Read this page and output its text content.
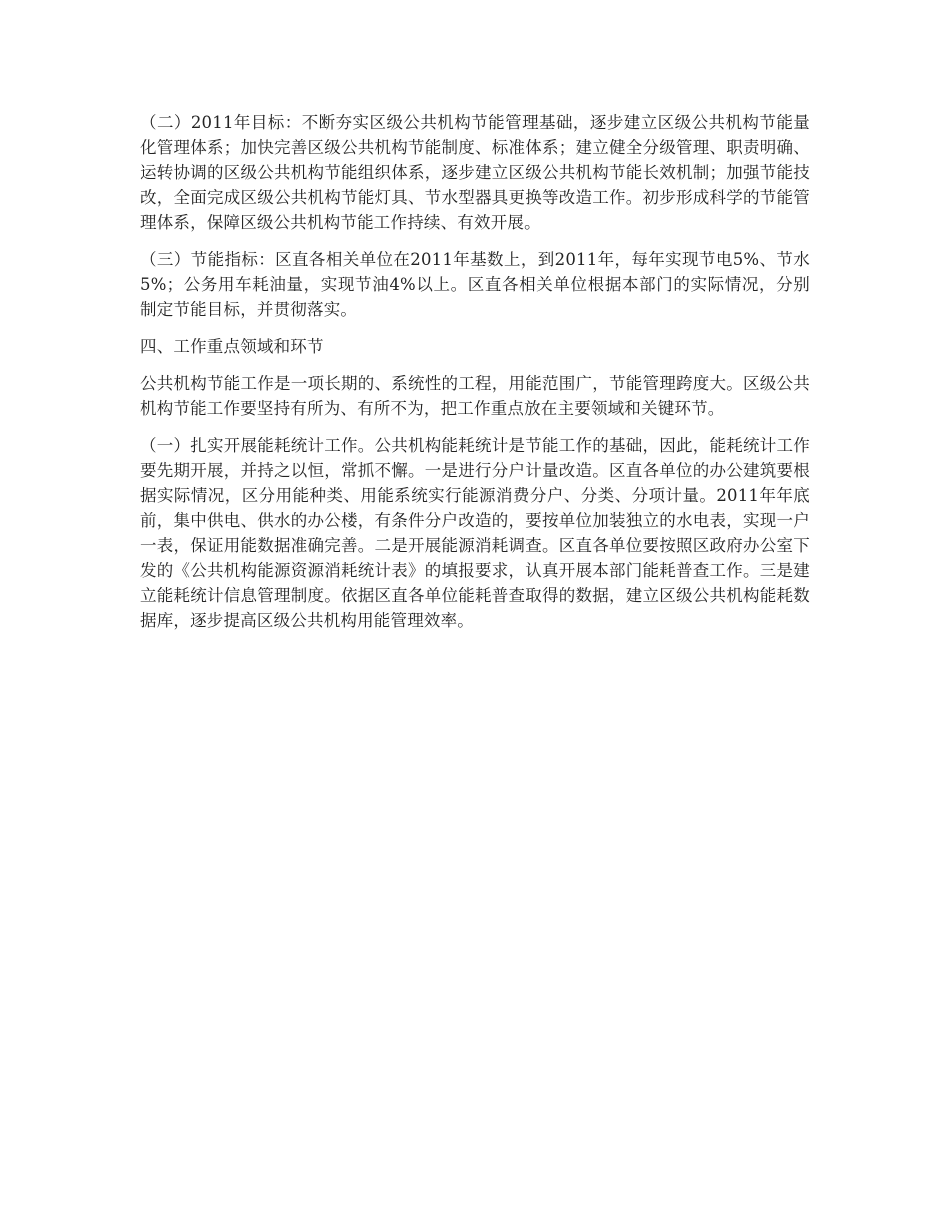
（二）2011年目标：不断夯实区级公共机构节能管理基础，逐步建立区级公共机构节能量化管理体系；加快完善区级公共机构节能制度、标准体系；建立健全分级管理、职责明确、运转协调的区级公共机构节能组织体系，逐步建立区级公共机构节能长效机制；加强节能技改，全面完成区级公共机构节能灯具、节水型器具更换等改造工作。初步形成科学的节能管理体系，保障区级公共机构节能工作持续、有效开展。

（三）节能指标：区直各相关单位在2011年基数上，到2011年，每年实现节电5%、节水5%；公务用车耗油量，实现节油4%以上。区直各相关单位根据本部门的实际情况，分别制定节能目标，并贯彻落实。

四、工作重点领域和环节

公共机构节能工作是一项长期的、系统性的工程，用能范围广，节能管理跨度大。区级公共机构节能工作要坚持有所为、有所不为，把工作重点放在主要领域和关键环节。

（一）扎实开展能耗统计工作。公共机构能耗统计是节能工作的基础，因此，能耗统计工作要先期开展，并持之以恒，常抓不懈。一是进行分户计量改造。区直各单位的办公建筑要根据实际情况，区分用能种类、用能系统实行能源消费分户、分类、分项计量。2011年年底前，集中供电、供水的办公楼，有条件分户改造的，要按单位加装独立的水电表，实现一户一表，保证用能数据准确完善。二是开展能源消耗调查。区直各单位要按照区政府办公室下发的《公共机构能源资源消耗统计表》的填报要求，认真开展本部门能耗普查工作。三是建立能耗统计信息管理制度。依据区直各单位能耗普查取得的数据，建立区级公共机构能耗数据库，逐步提高区级公共机构用能管理效率。
